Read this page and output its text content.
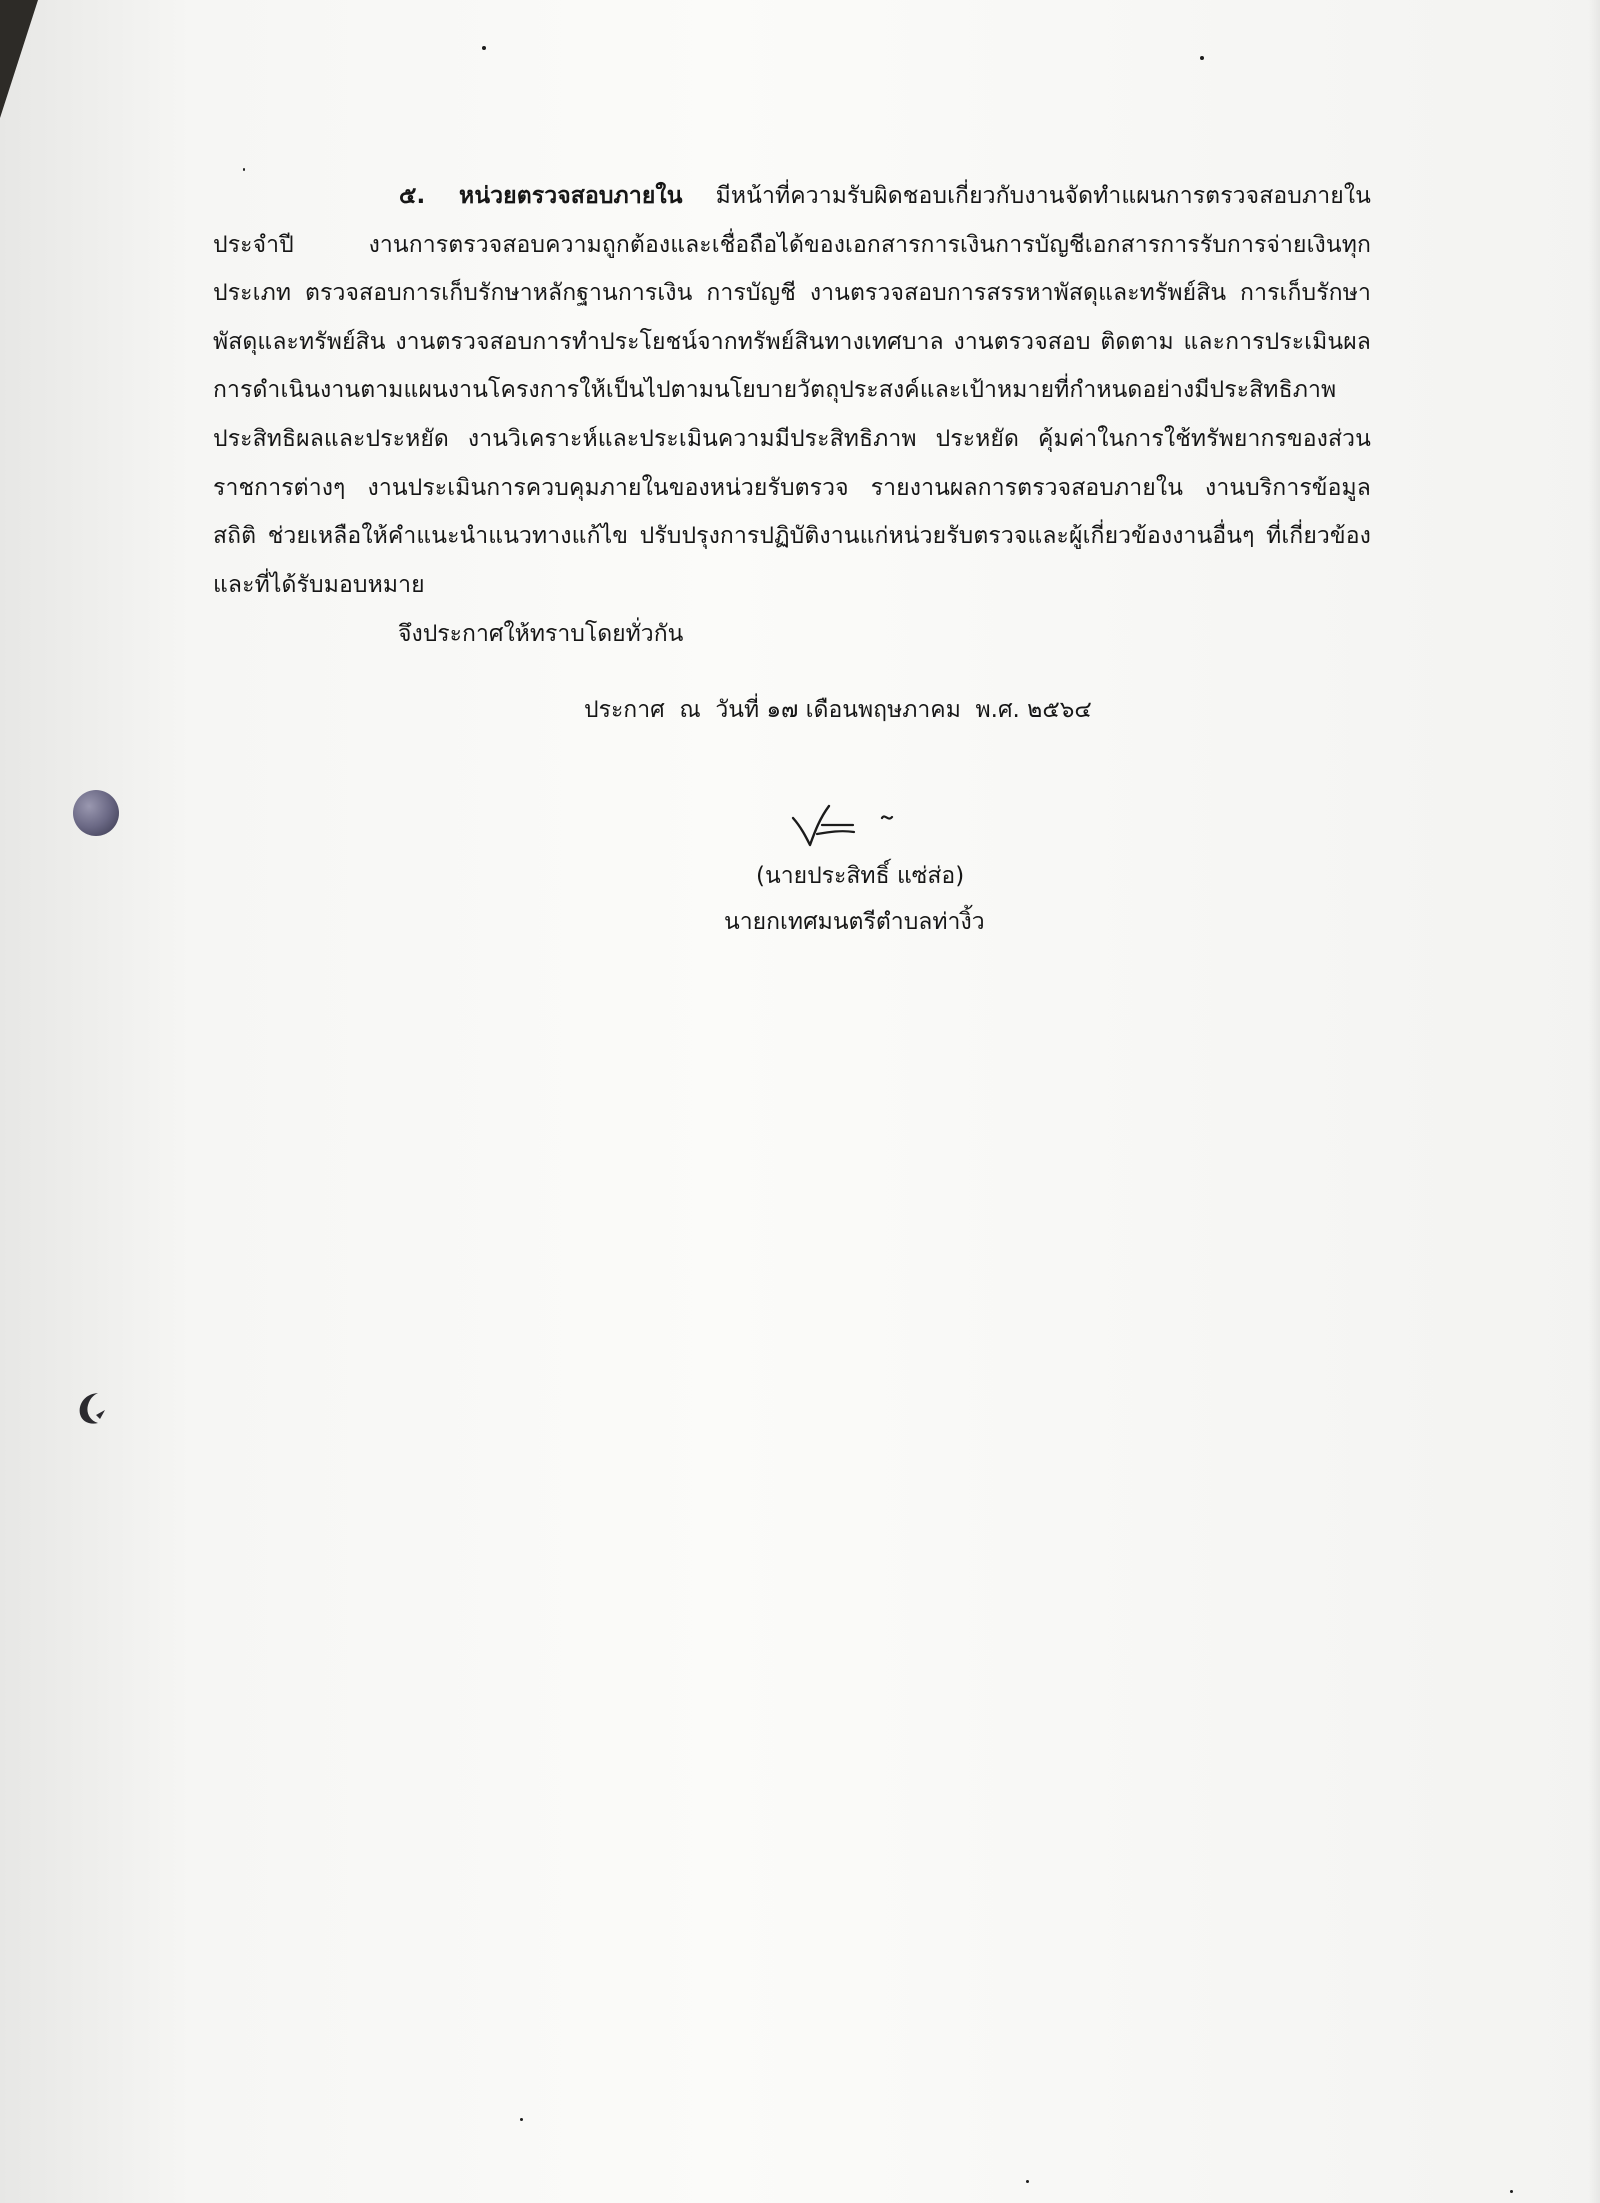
๕. หน่วยตรวจสอบภายใน มีหน้าที่ความรับผิดชอบเกี่ยวกับงานจัดทำแผนการตรวจสอบภายในประจำปี งานการตรวจสอบความถูกต้องและเชื่อถือได้ของเอกสารการเงินการบัญชีเอกสารการรับการจ่ายเงินทุกประเภท ตรวจสอบการเก็บรักษาหลักฐานการเงิน การบัญชี งานตรวจสอบการสรรหาพัสดุและทรัพย์สิน การเก็บรักษาพัสดุและทรัพย์สิน งานตรวจสอบการทำประโยชน์จากทรัพย์สินทางเทศบาล งานตรวจสอบ ติดตาม และการประเมินผลการดำเนินงานตามแผนงานโครงการให้เป็นไปตามนโยบายวัตถุประสงค์และเป้าหมายที่กำหนดอย่างมีประสิทธิภาพ ประสิทธิผลและประหยัด งานวิเคราะห์และประเมินความมีประสิทธิภาพ ประหยัด คุ้มค่าในการใช้ทรัพยากรของส่วนราชการต่างๆ งานประเมินการควบคุมภายในของหน่วยรับตรวจ รายงานผลการตรวจสอบภายใน งานบริการข้อมูล สถิติ ช่วยเหลือให้คำแนะนำแนวทางแก้ไข ปรับปรุงการปฏิบัติงานแก่หน่วยรับตรวจและผู้เกี่ยวข้องงานอื่นๆ ที่เกี่ยวข้องและที่ได้รับมอบหมาย

จึงประกาศให้ทราบโดยทั่วกัน

ประกาศ  ณ  วันที่ ๑๗ เดือนพฤษภาคม  พ.ศ. ๒๕๖๔

(นายประสิทธิ์ แซ่ส่อ)

นายกเทศมนตรีตำบลท่างิ้ว
